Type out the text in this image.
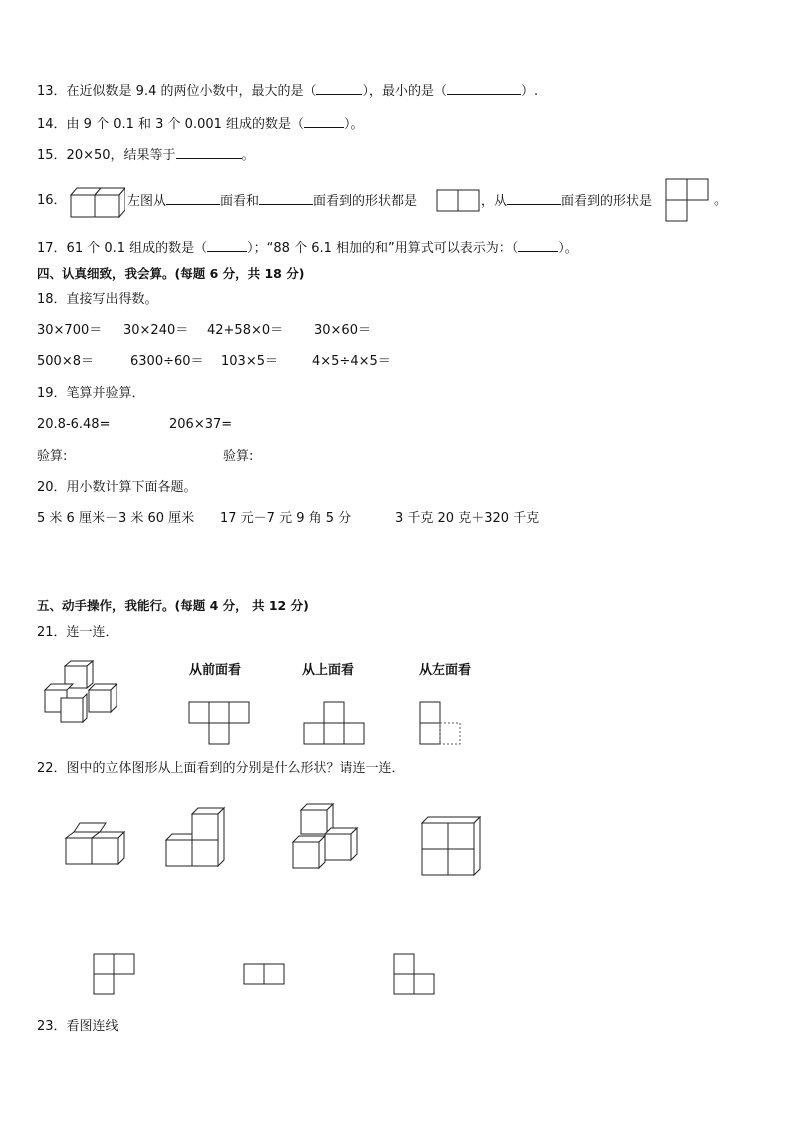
13．在近似数是 9.4 的两位小数中，最大的是（	），最小的是（	）.
14．由 9 个 0.1 和 3 个 0.001 组成的数是（	）。
15．20×50，结果等于	。
16．	左图从	面看和	面看到的形状都是	，从	面看到的形状是	。
17．61 个 0.1 组成的数是（	）；“88 个 6.1 相加的和”用算式可以表示为：（	）。
四、认真细致，我会算。(每题 6 分，共 18 分)
18．直接写出得数。
30×700＝ 30×240＝ 42+58×0＝ 30×60＝
500×8＝	6300÷60＝ 103×5＝	4×5÷4×5＝
19．笔算并验算．
20.8-6.48=	206×37=
验算:	验算:
20．用小数计算下面各题。
5 米 6 厘米－3 米 60 厘米 17 元－7 元 9 角 5 分	3 千克 20 克＋320 千克
五、动手操作，我能行。(每题 4 分， 共 12 分)
21．连一连．
从前面看	从上面看	从左面看
22．图中的立体图形从上面看到的分别是什么形状？请连一连．
23．看图连线
